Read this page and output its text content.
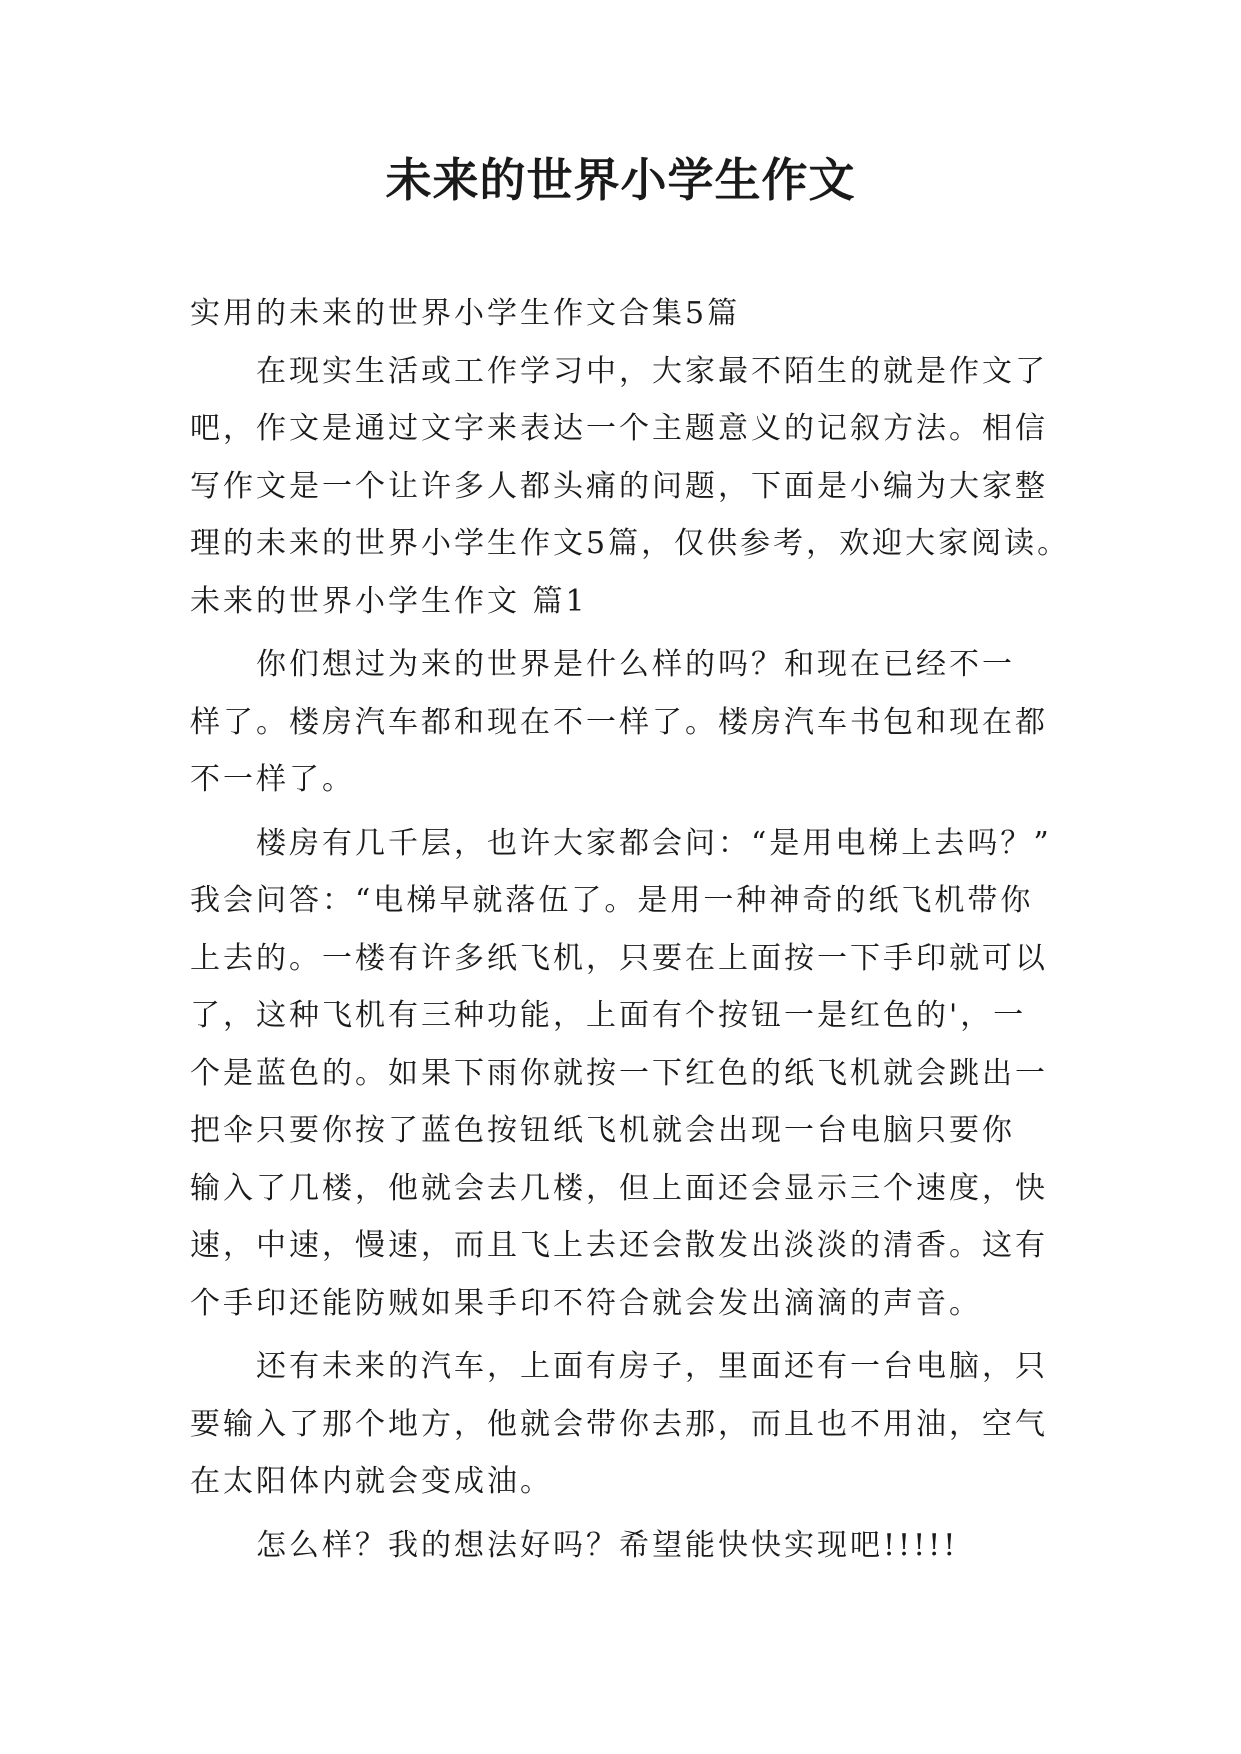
未来的世界小学生作文

实用的未来的世界小学生作文合集5篇

在现实生活或工作学习中，大家最不陌生的就是作文了

吧，作文是通过文字来表达一个主题意义的记叙方法。相信

写作文是一个让许多人都头痛的问题，下面是小编为大家整

理的未来的世界小学生作文5篇，仅供参考，欢迎大家阅读。

未来的世界小学生作文 篇1

你们想过为来的世界是什么样的吗？和现在已经不一

样了。楼房汽车都和现在不一样了。楼房汽车书包和现在都

不一样了。

楼房有几千层，也许大家都会问：“是用电梯上去吗？”

我会问答：“电梯早就落伍了。是用一种神奇的纸飞机带你

上去的。一楼有许多纸飞机，只要在上面按一下手印就可以

了，这种飞机有三种功能，上面有个按钮一是红色的'，一

个是蓝色的。如果下雨你就按一下红色的纸飞机就会跳出一

把伞只要你按了蓝色按钮纸飞机就会出现一台电脑只要你

输入了几楼，他就会去几楼，但上面还会显示三个速度，快

速，中速，慢速，而且飞上去还会散发出淡淡的清香。这有

个手印还能防贼如果手印不符合就会发出滴滴的声音。

还有未来的汽车，上面有房子，里面还有一台电脑，只

要输入了那个地方，他就会带你去那，而且也不用油，空气

在太阳体内就会变成油。

怎么样？我的想法好吗？希望能快快实现吧!!!!!
